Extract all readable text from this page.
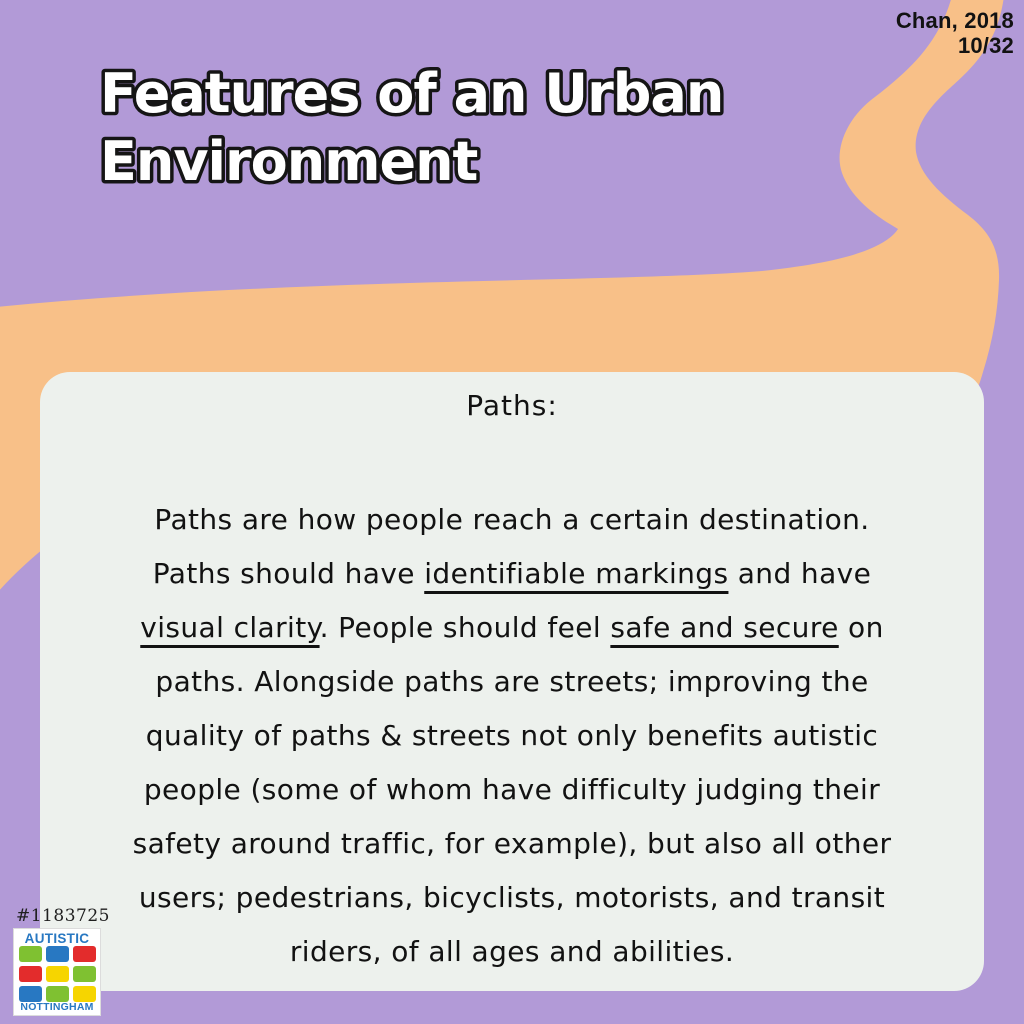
Features of an Urban
Environment
Chan, 2018
10/32
Paths:
Paths are how people reach a certain destination.
Paths should have identifiable markings and have
visual clarity. People should feel safe and secure on
paths. Alongside paths are streets; improving the
quality of paths & streets not only benefits autistic
people (some of whom have difficulty judging their
safety around traffic, for example), but also all other
users; pedestrians, bicyclists, motorists, and transit
riders, of all ages and abilities.
#1183725
AUTISTIC
NOTTINGHAM
